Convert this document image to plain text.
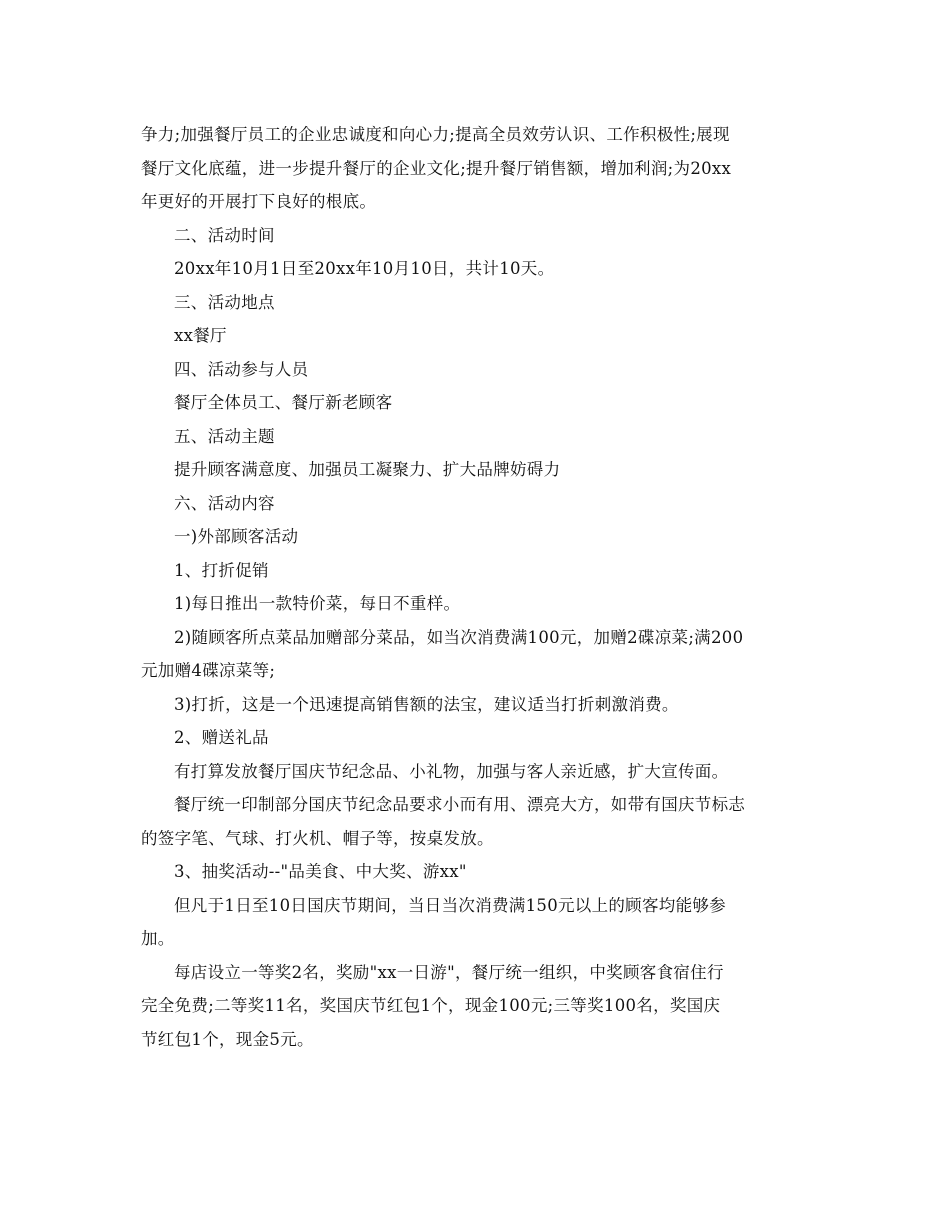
争力;加强餐厅员工的企业忠诚度和向心力;提高全员效劳认识、工作积极性;展现
餐厅文化底蕴，进一步提升餐厅的企业文化;提升餐厅销售额，增加利润;为20xx
年更好的开展打下良好的根底。
二、活动时间
20xx年10月1日至20xx年10月10日，共计10天。
三、活动地点
xx餐厅
四、活动参与人员
餐厅全体员工、餐厅新老顾客
五、活动主题
提升顾客满意度、加强员工凝聚力、扩大品牌妨碍力
六、活动内容
一)外部顾客活动
1、打折促销
1)每日推出一款特价菜，每日不重样。
2)随顾客所点菜品加赠部分菜品，如当次消费满100元，加赠2碟凉菜;满200
元加赠4碟凉菜等;
3)打折，这是一个迅速提高销售额的法宝，建议适当打折刺激消费。
2、赠送礼品
有打算发放餐厅国庆节纪念品、小礼物，加强与客人亲近感，扩大宣传面。
餐厅统一印制部分国庆节纪念品要求小而有用、漂亮大方，如带有国庆节标志
的签字笔、气球、打火机、帽子等，按桌发放。
3、抽奖活动--"品美食、中大奖、游xx"
但凡于1日至10日国庆节期间，当日当次消费满150元以上的顾客均能够参
加。
每店设立一等奖2名，奖励"xx一日游"，餐厅统一组织，中奖顾客食宿住行
完全免费;二等奖11名，奖国庆节红包1个，现金100元;三等奖100名，奖国庆
节红包1个，现金5元。
